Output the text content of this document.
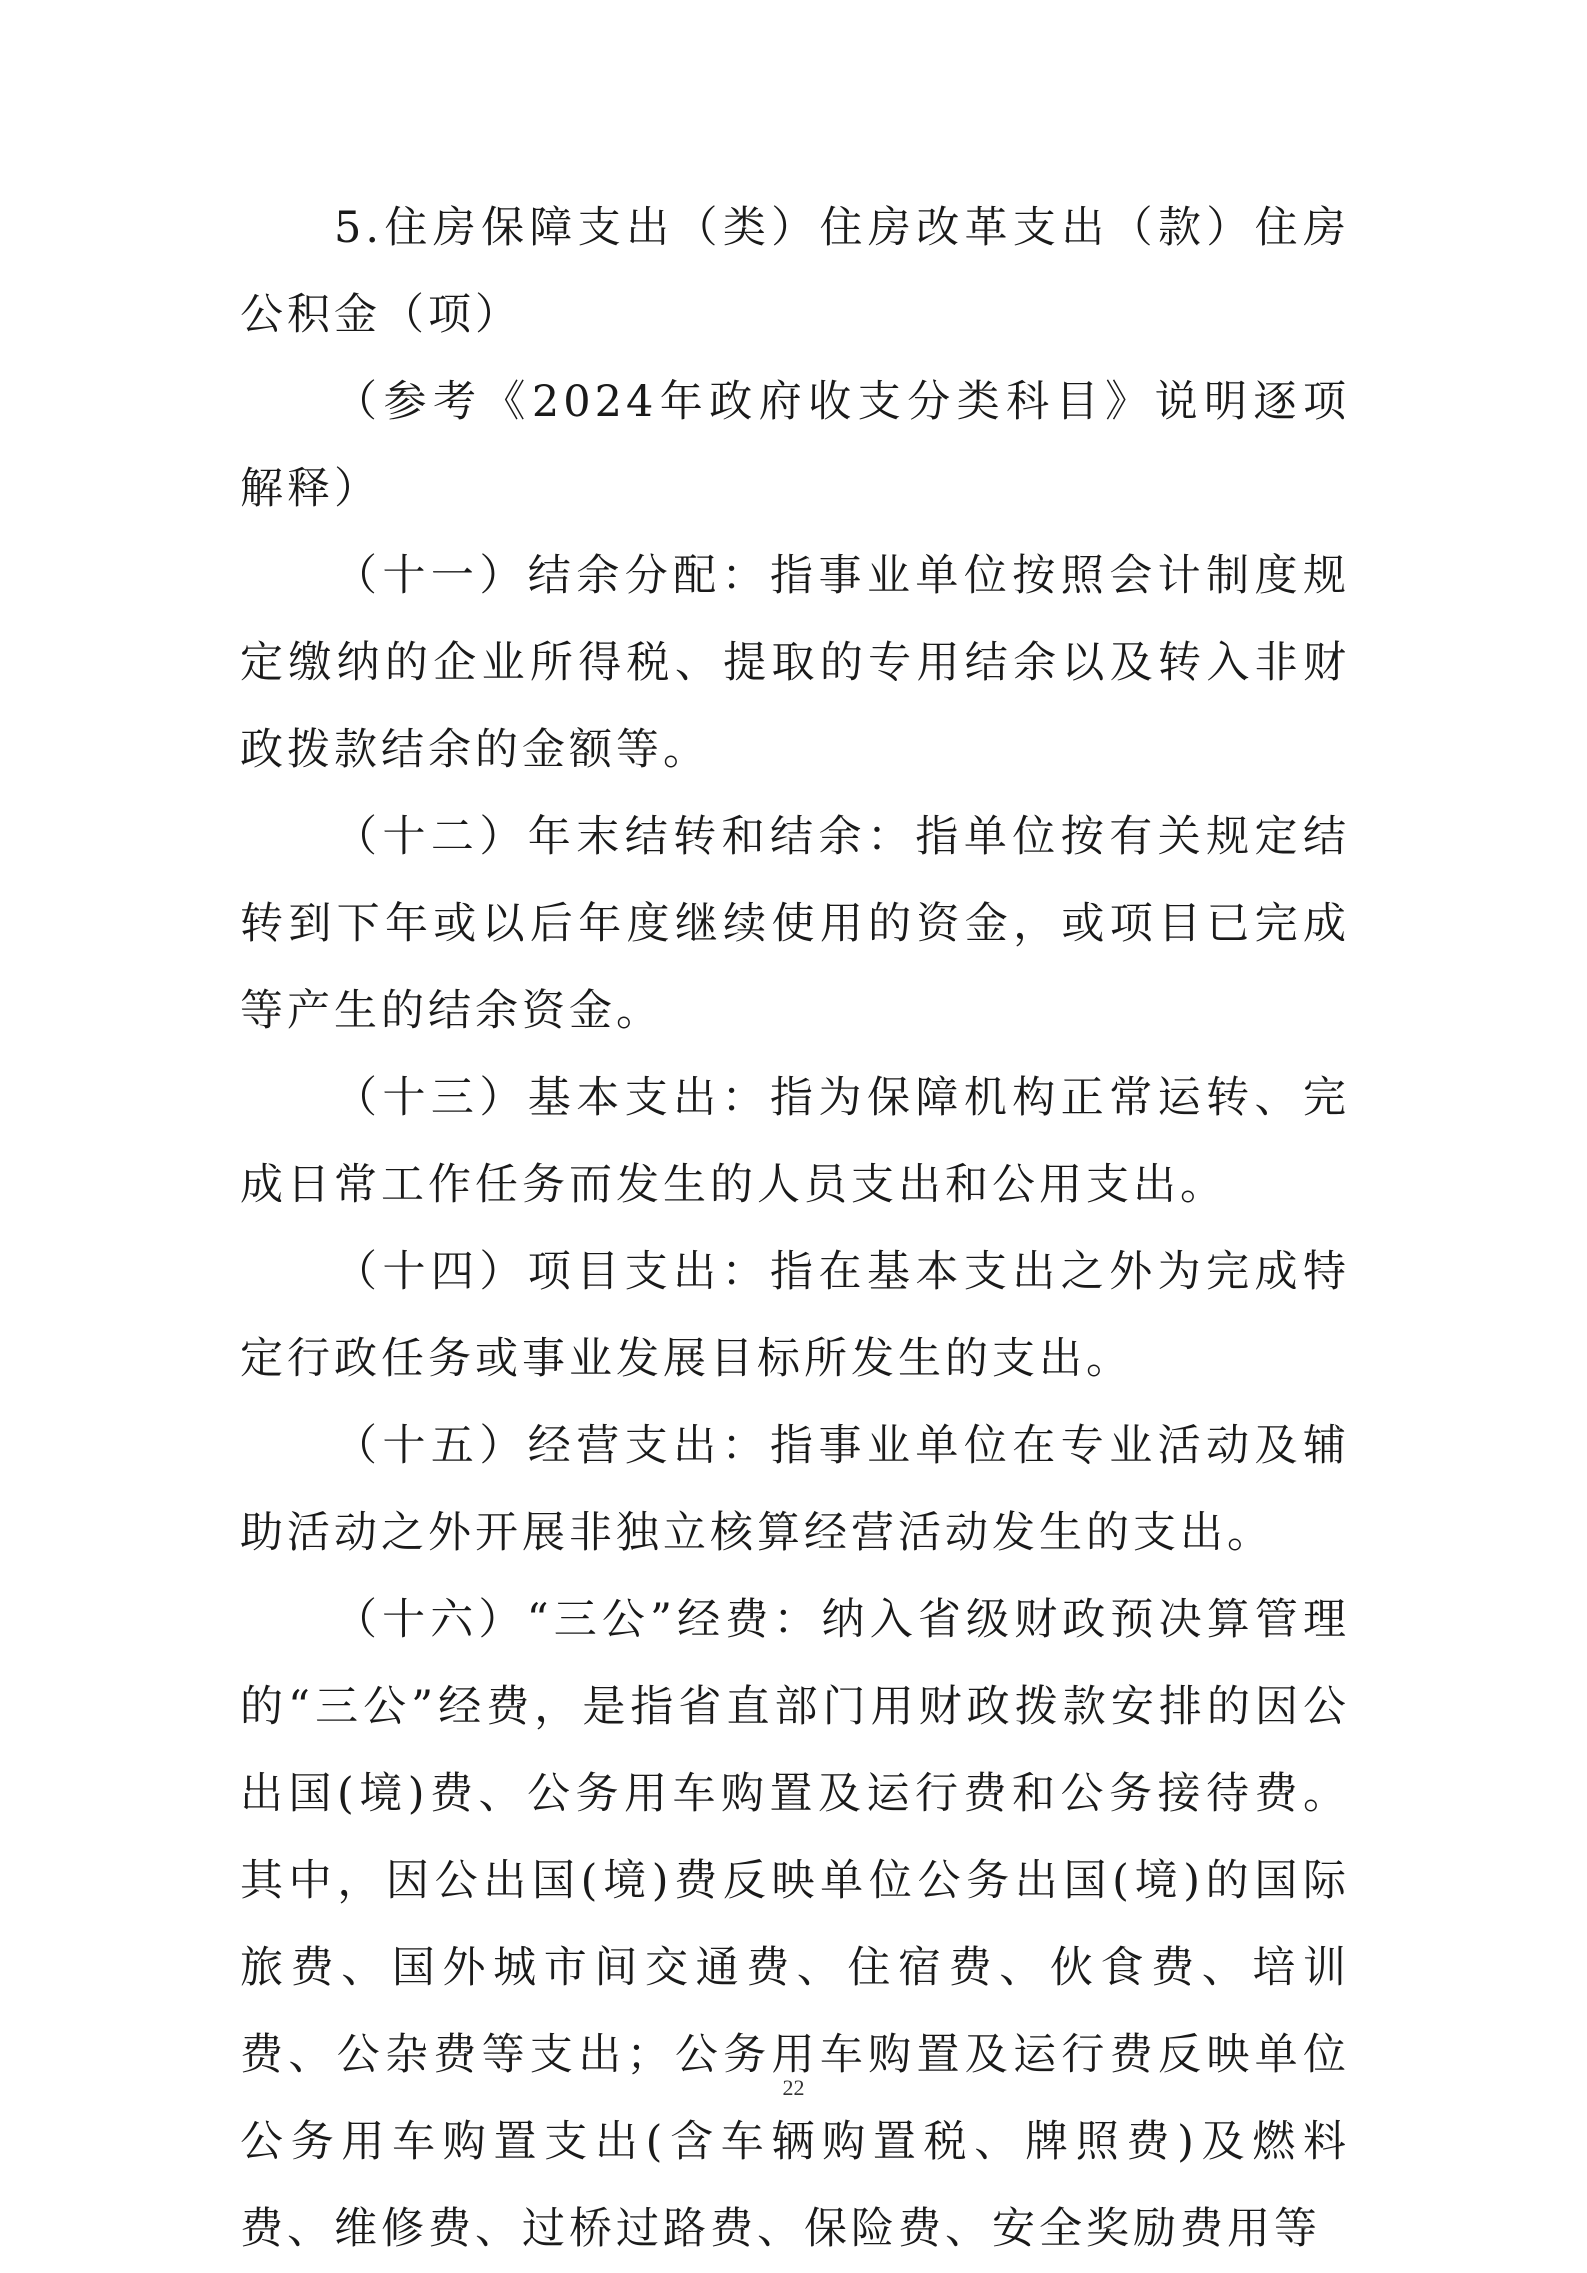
5.住房保障支出（类）住房改革支出（款）住房公积金（项）

（参考《2024年政府收支分类科目》说明逐项解释）

（十一）结余分配：指事业单位按照会计制度规定缴纳的企业所得税、提取的专用结余以及转入非财政拨款结余的金额等。

（十二）年末结转和结余：指单位按有关规定结转到下年或以后年度继续使用的资金，或项目已完成等产生的结余资金。

（十三）基本支出：指为保障机构正常运转、完成日常工作任务而发生的人员支出和公用支出。

（十四）项目支出：指在基本支出之外为完成特定行政任务或事业发展目标所发生的支出。

（十五）经营支出：指事业单位在专业活动及辅助活动之外开展非独立核算经营活动发生的支出。

（十六）“三公”经费：纳入省级财政预决算管理的“三公”经费，是指省直部门用财政拨款安排的因公出国(境)费、公务用车购置及运行费和公务接待费。其中，因公出国(境)费反映单位公务出国(境)的国际旅费、国外城市间交通费、住宿费、伙食费、培训费、公杂费等支出；公务用车购置及运行费反映单位公务用车购置支出(含车辆购置税、牌照费)及燃料费、维修费、过桥过路费、保险费、安全奖励费用等

22
